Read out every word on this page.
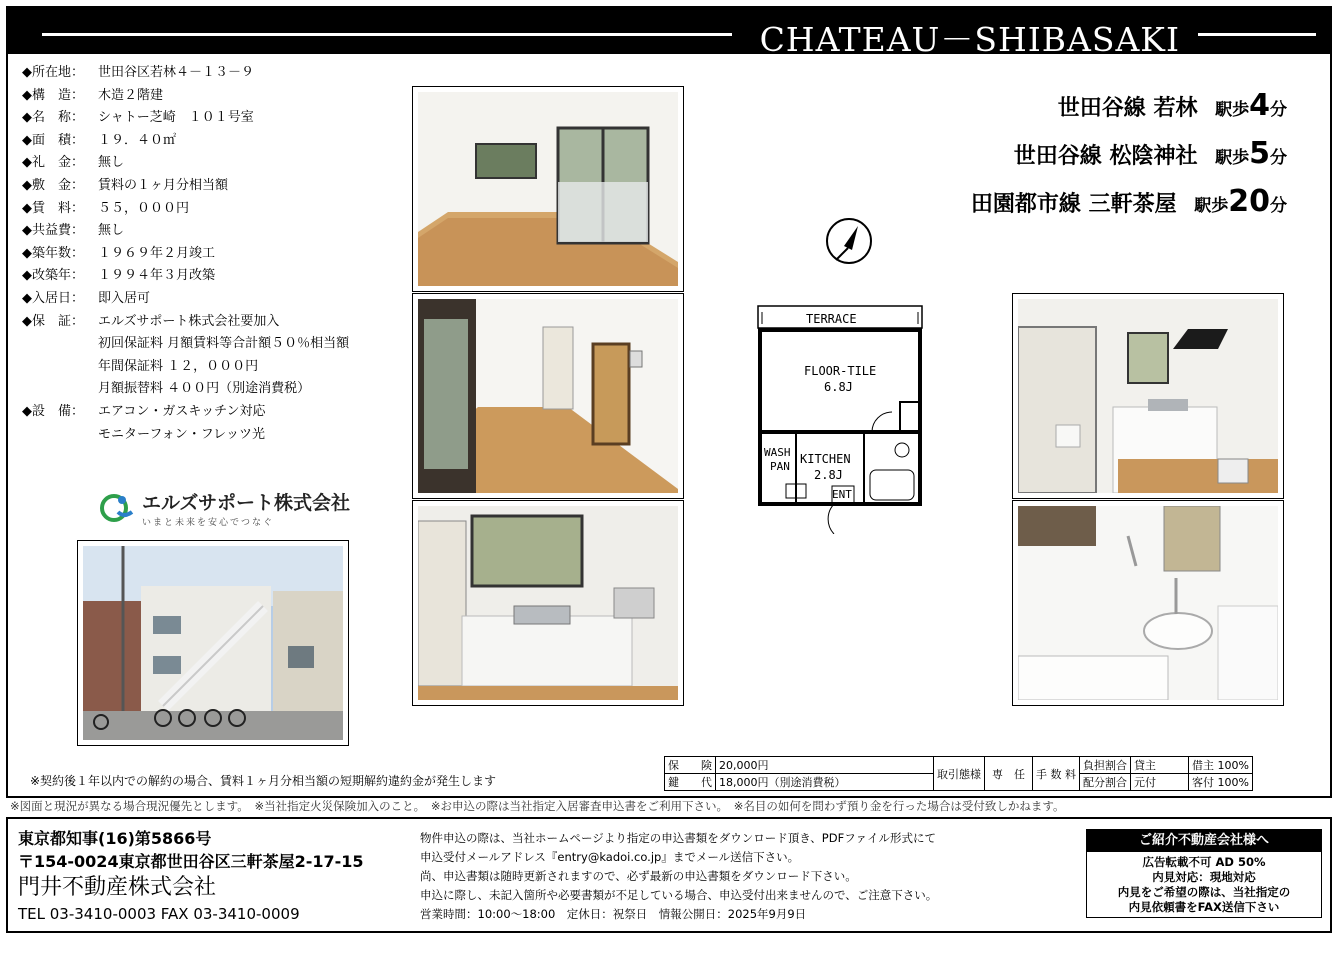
CHATEAU－SHIBASAKI
◆所在地：	世田谷区若林４－１３－９
◆構　造：	木造２階建
◆名　称：	シャトー芝崎　１０１号室
◆面　積：	１９．４０㎡
◆礼　金：	無し
◆敷　金：	賃料の１ヶ月分相当額
◆賃　料：	５５，０００円
◆共益費：	無し
◆築年数：	１９６９年２月竣工
◆改築年：	１９９４年３月改築
◆入居日：	即入居可
◆保　証：	エルズサポート株式会社要加入
初回保証料 月額賃料等合計額５０％相当額
年間保証料 １２，０００円
月額振替料 ４００円（別途消費税）
◆設　備：	エアコン・ガスキッチン対応
モニターフォン・フレッツ光
エルズサポート株式会社
いまと未来を安心でつなぐ
世田谷線 若林 駅歩4分
世田谷線 松陰神社 駅歩5分
田園都市線 三軒茶屋 駅歩20分
TERRACE
FLOOR-TILE
6.8J
WASH
PAN
KITCHEN
2.8J
ENT
※契約後１年以内での解約の場合、賃料１ヶ月分相当額の短期解約違約金が発生します
保　　険	20,000円	取引態様	専　任	手 数 料	負担割合	貸主	借主 100%
鍵　　代	18,000円（別途消費税）				配分割合	元付	客付 100%
※図面と現況が異なる場合現況優先とします。　※当社指定火災保険加入のこと。　※お申込の際は当社指定入居審査申込書をご利用下さい。　※名目の如何を問わず預り金を行った場合は受付致しかねます。
東京都知事(16)第5866号
〒154-0024東京都世田谷区三軒茶屋2-17-15
門井不動産株式会社
TEL 03-3410-0003 FAX 03-3410-0009
物件申込の際は、当社ホームページより指定の申込書類をダウンロード頂き、PDFファイル形式にて
申込受付メールアドレス『entry@kadoi.co.jp』までメール送信下さい。
尚、申込書類は随時更新されますので、必ず最新の申込書類をダウンロード下さい。
申込に際し、未記入箇所や必要書類が不足している場合、申込受付出来ませんので、ご注意下さい。
営業時間：10:00～18:00　定休日：祝祭日　情報公開日：2025年9月9日
ご紹介不動産会社様へ
広告転載不可 AD 50%
内見対応：現地対応
内見をご希望の際は、当社指定の
内見依頼書をFAX送信下さい
